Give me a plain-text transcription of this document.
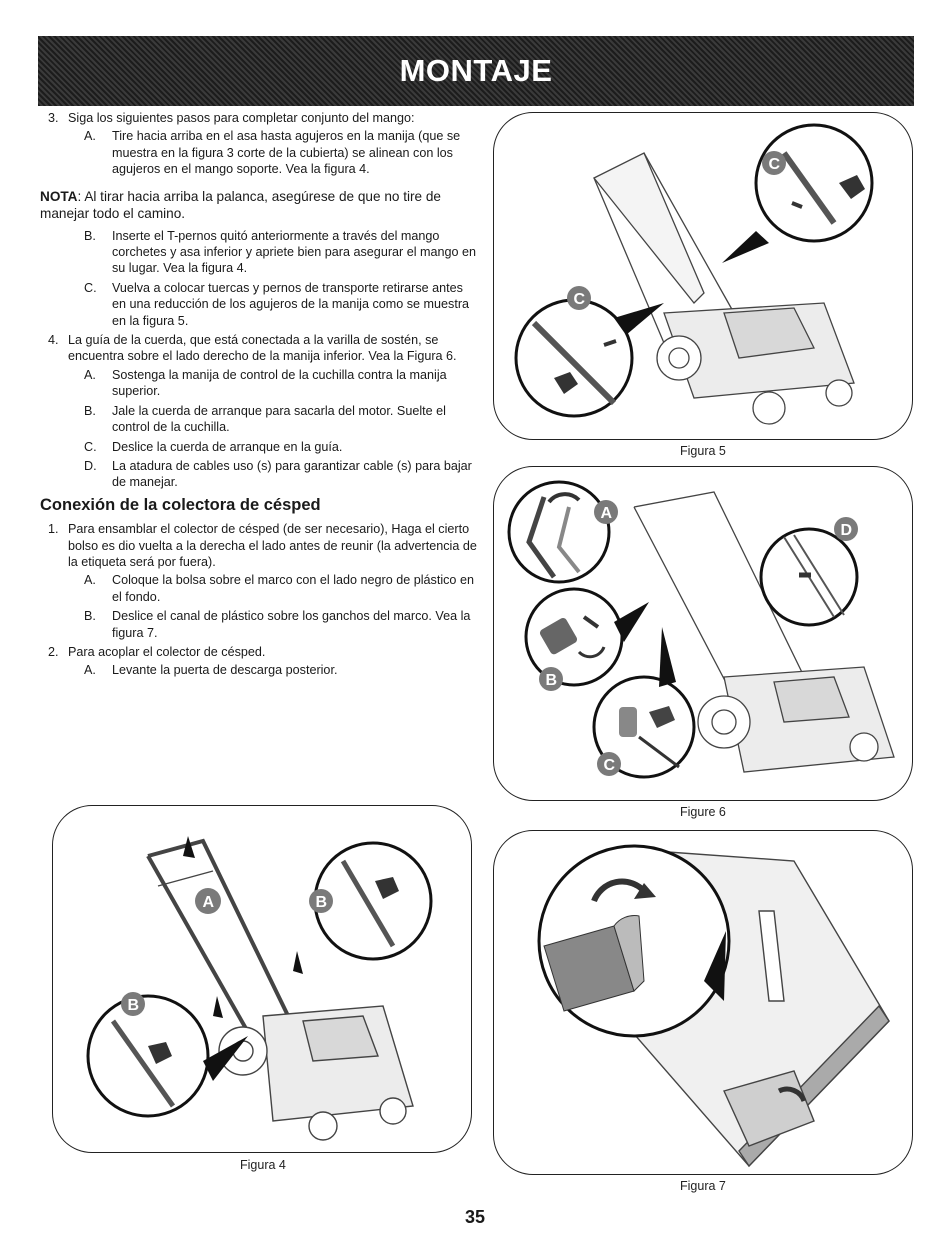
MONTAJE
3. Siga los siguientes pasos para completar conjunto del mango:
A. Tire hacia arriba en el asa hasta agujeros en la manija (que se muestra en la figura 3 corte de la cubierta) se alinean con los agujeros en el mango soporte. Vea la figura 4.
NOTA: Al tirar hacia arriba la palanca, asegúrese de que no tire de manejar todo el camino.
B. Inserte el T-pernos quitó anteriormente a través del mango corchetes y asa inferior y apriete bien para asegurar el mango en su lugar. Vea la figura 4.
C. Vuelva a colocar tuercas y pernos de transporte retirarse antes en una reducción de los agujeros de la manija como se muestra en la figura 5.
4. La guía de la cuerda, que está conectada a la varilla de sostén, se encuentra sobre el lado derecho de la manija inferior. Vea la Figura 6.
A. Sostenga la manija de control de la cuchilla contra la manija superior.
B. Jale la cuerda de arranque para sacarla del motor. Suelte el control de la cuchilla.
C. Deslice la cuerda de arranque en la guía.
D. La atadura de cables uso (s) para garantizar cable (s) para bajar de manejar.
Conexión de la colectora de césped
1. Para ensamblar el colector de césped (de ser necesario), Haga el cierto bolso es dio vuelta a la derecha el lado antes de reunir (la advertencia de la etiqueta será por fuera).
A. Coloque la bolsa sobre el marco con el lado negro de plástico en el fondo.
B. Deslice el canal de plástico sobre los ganchos del marco. Vea la figura 7.
2. Para acoplar el colector de césped.
A. Levante la puerta de descarga posterior.
C
C
Figura 5
A
D
B
C
Figure 6
A	B
B
Figura 4
Figura 7
35
